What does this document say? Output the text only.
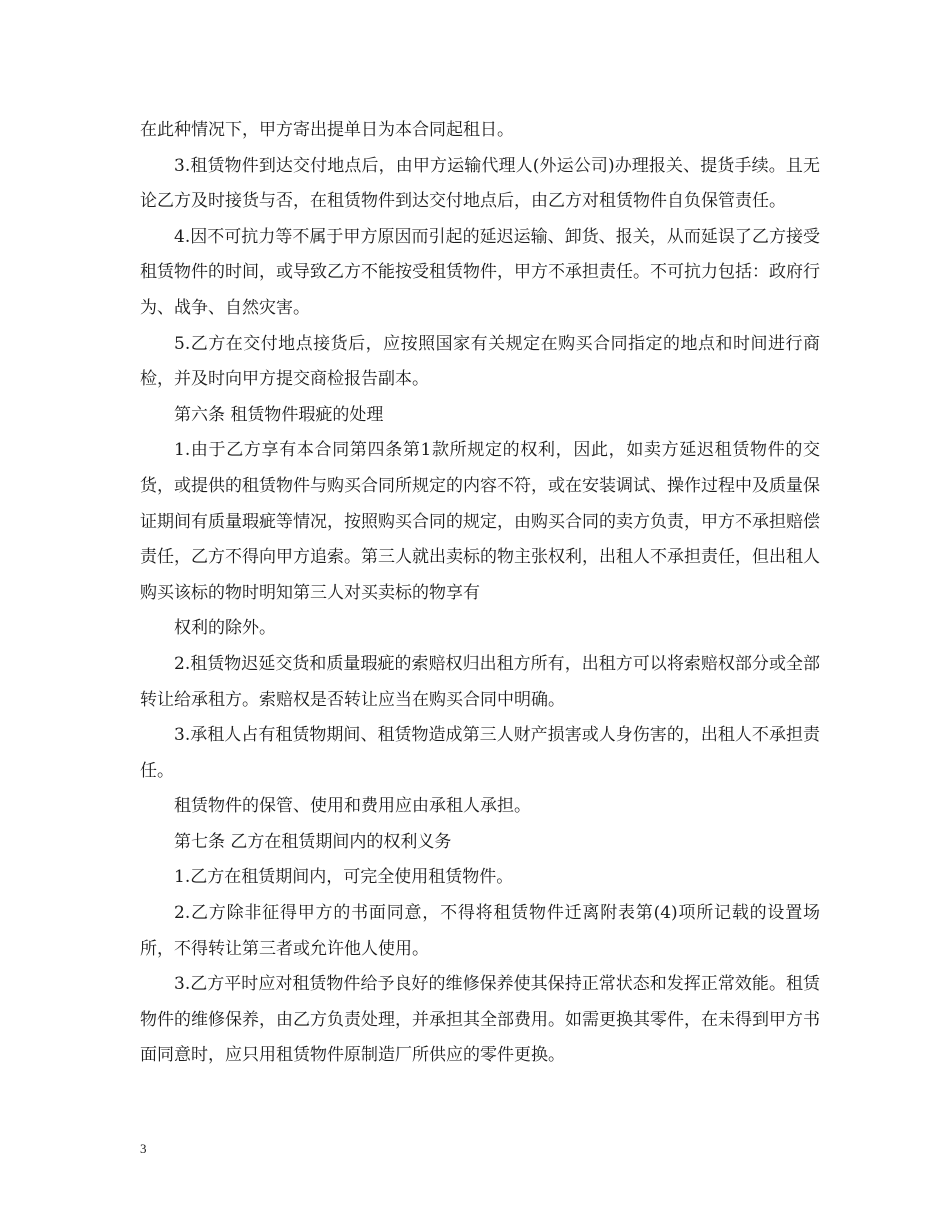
在此种情况下，甲方寄出提单日为本合同起租日。

3.租赁物件到达交付地点后，由甲方运输代理人(外运公司)办理报关、提货手续。且无论乙方及时接货与否，在租赁物件到达交付地点后，由乙方对租赁物件自负保管责任。

4.因不可抗力等不属于甲方原因而引起的延迟运输、卸货、报关，从而延误了乙方接受租赁物件的时间，或导致乙方不能按受租赁物件，甲方不承担责任。不可抗力包括：政府行为、战争、自然灾害。

5.乙方在交付地点接货后，应按照国家有关规定在购买合同指定的地点和时间进行商检，并及时向甲方提交商检报告副本。

第六条 租赁物件瑕疵的处理

1.由于乙方享有本合同第四条第1款所规定的权利，因此，如卖方延迟租赁物件的交货，或提供的租赁物件与购买合同所规定的内容不符，或在安装调试、操作过程中及质量保证期间有质量瑕疵等情况，按照购买合同的规定，由购买合同的卖方负责，甲方不承担赔偿责任，乙方不得向甲方追索。第三人就出卖标的物主张权利，出租人不承担责任，但出租人购买该标的物时明知第三人对买卖标的物享有

权利的除外。

2.租赁物迟延交货和质量瑕疵的索赔权归出租方所有，出租方可以将索赔权部分或全部转让给承租方。索赔权是否转让应当在购买合同中明确。

3.承租人占有租赁物期间、租赁物造成第三人财产损害或人身伤害的，出租人不承担责任。

租赁物件的保管、使用和费用应由承租人承担。

第七条 乙方在租赁期间内的权利义务

1.乙方在租赁期间内，可完全使用租赁物件。

2.乙方除非征得甲方的书面同意，不得将租赁物件迁离附表第(4)项所记载的设置场所，不得转让第三者或允许他人使用。

3.乙方平时应对租赁物件给予良好的维修保养使其保持正常状态和发挥正常效能。租赁物件的维修保养，由乙方负责处理，并承担其全部费用。如需更换其零件，在未得到甲方书面同意时，应只用租赁物件原制造厂所供应的零件更换。

3
